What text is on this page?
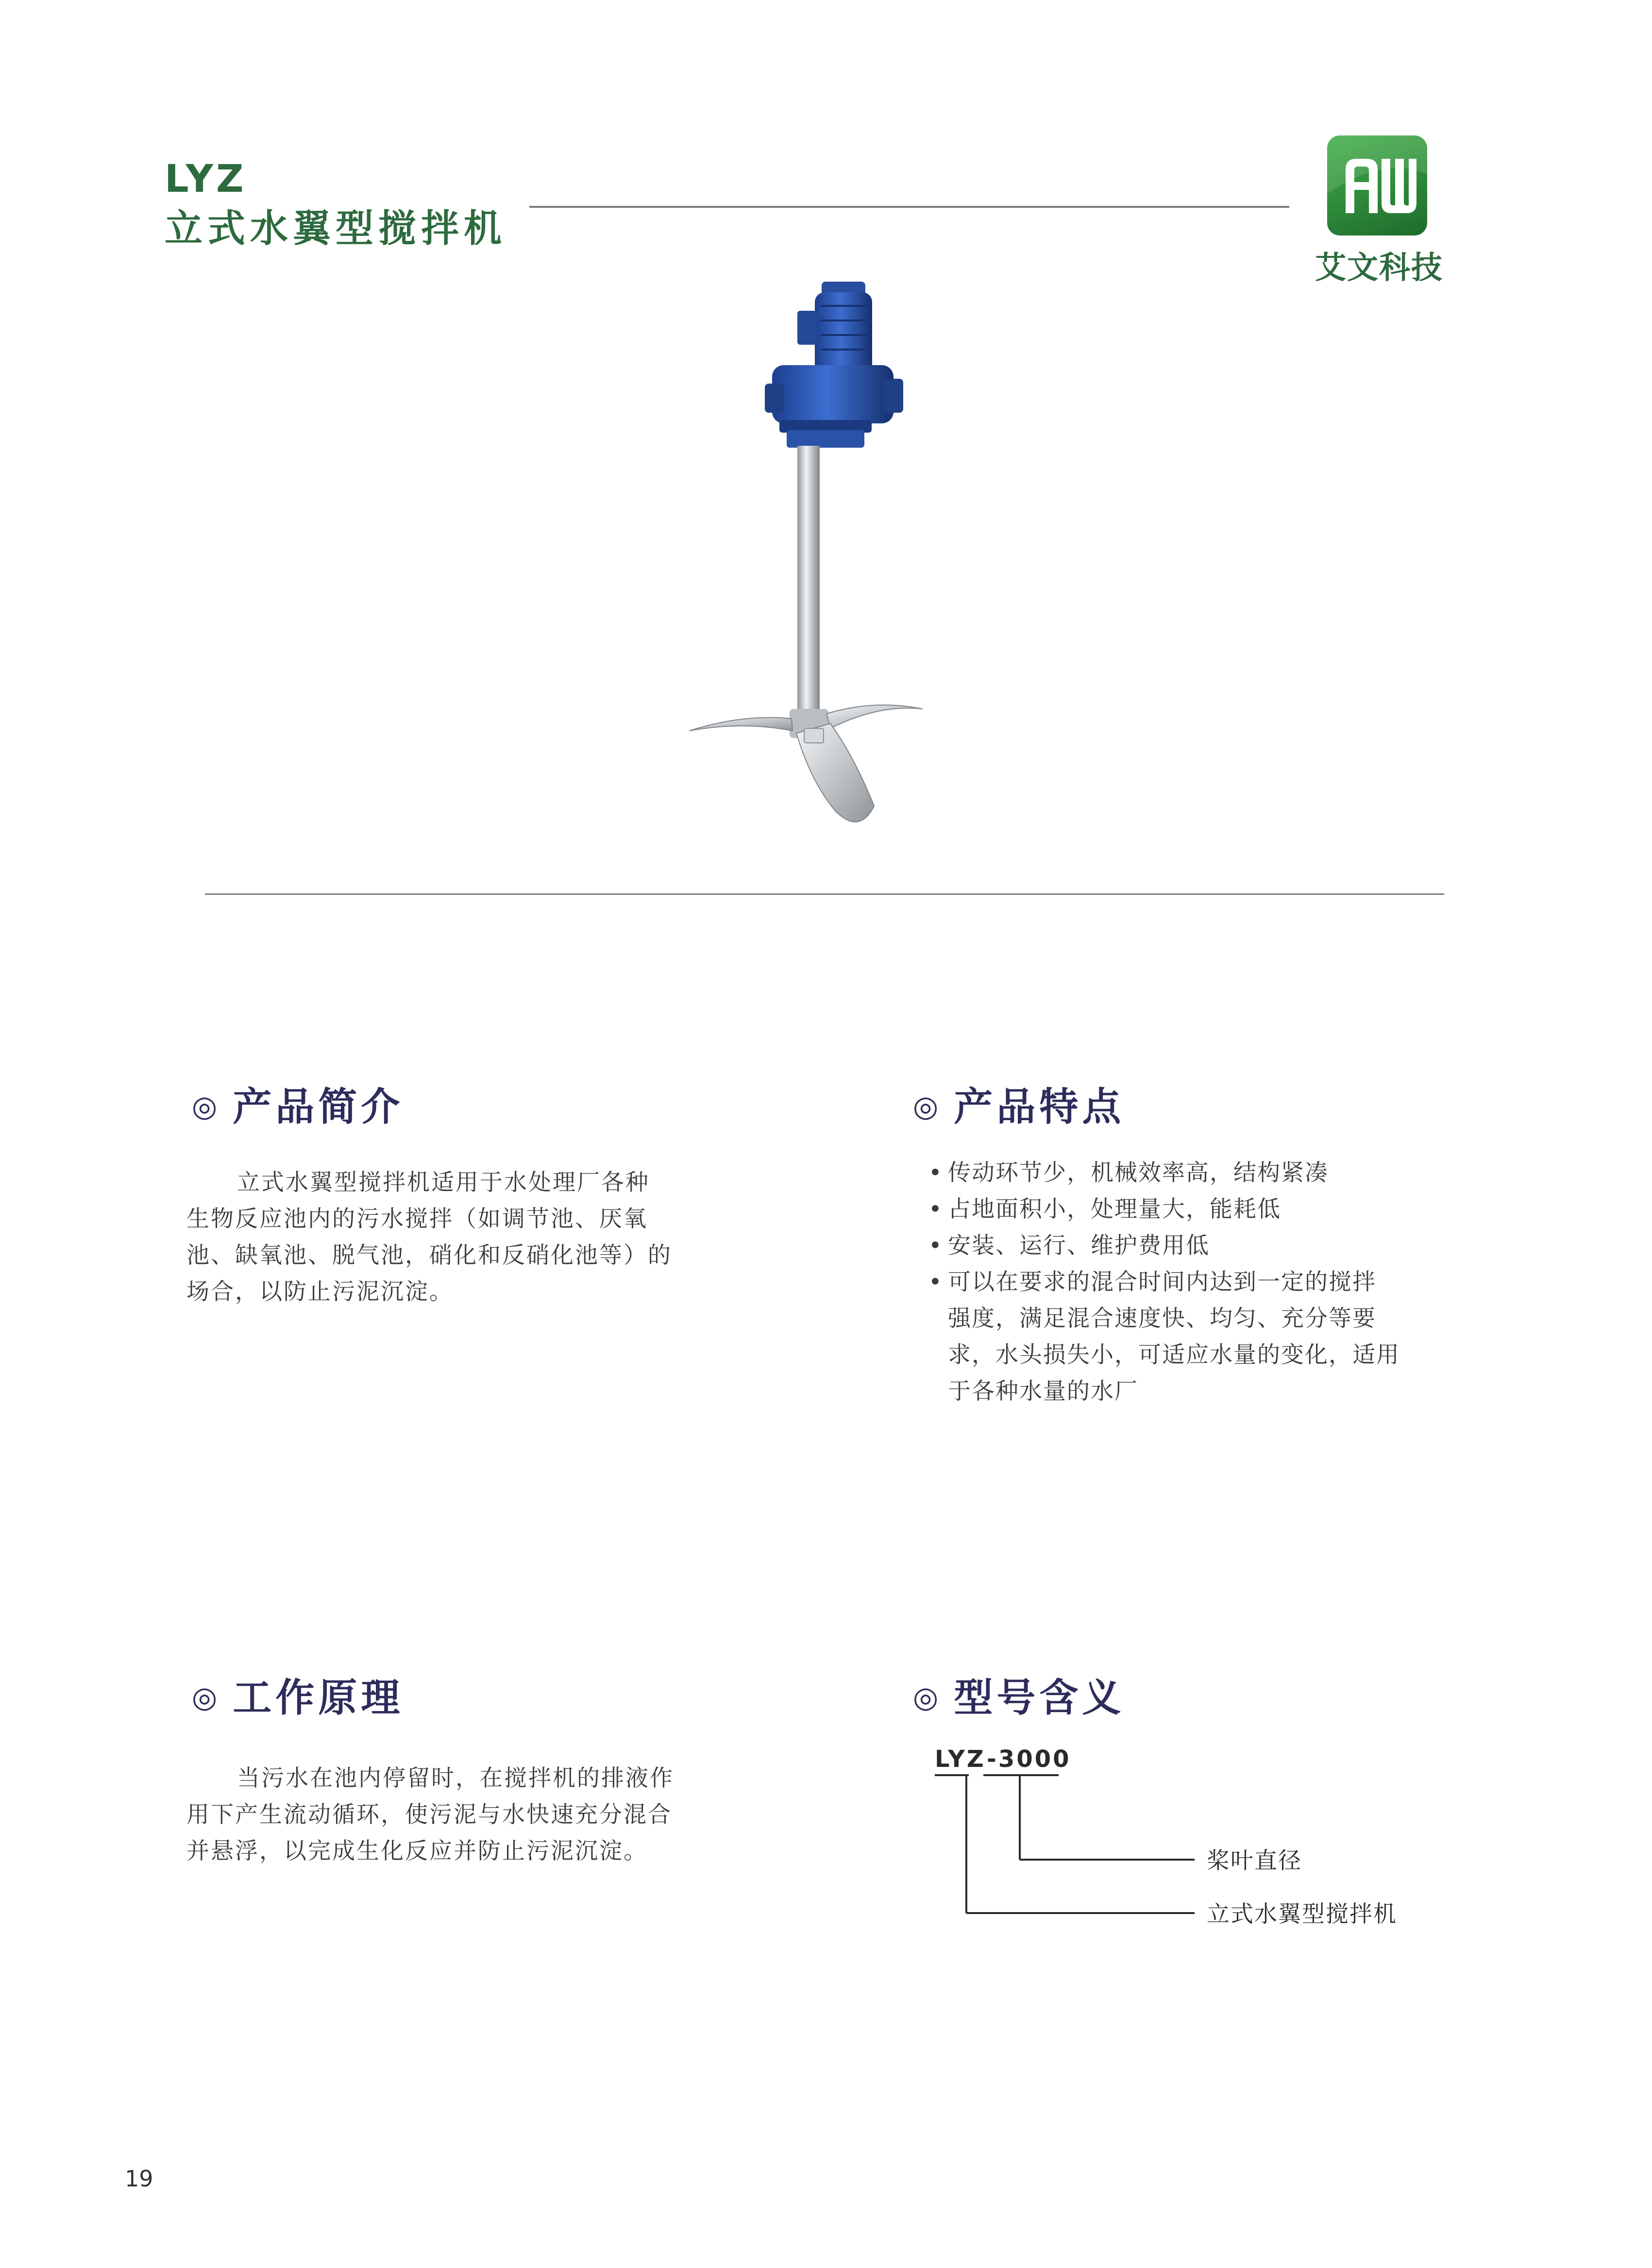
LYZ
立式水翼型搅拌机
艾文科技
◎ 产品简介
立式水翼型搅拌机适用于水处理厂各种
生物反应池内的污水搅拌（如调节池、厌氧
池、缺氧池、脱气池，硝化和反硝化池等）的
场合，以防止污泥沉淀。
◎ 产品特点
• 传动环节少，机械效率高，结构紧凑
• 占地面积小，处理量大，能耗低
• 安装、运行、维护费用低
• 可以在要求的混合时间内达到一定的搅拌
强度，满足混合速度快、均匀、充分等要
求，水头损失小，可适应水量的变化，适用
于各种水量的水厂
◎ 工作原理
当污水在池内停留时，在搅拌机的排液作
用下产生流动循环，使污泥与水快速充分混合
并悬浮，以完成生化反应并防止污泥沉淀。
◎ 型号含义
LYZ -3000
桨叶直径
立式水翼型搅拌机
19
